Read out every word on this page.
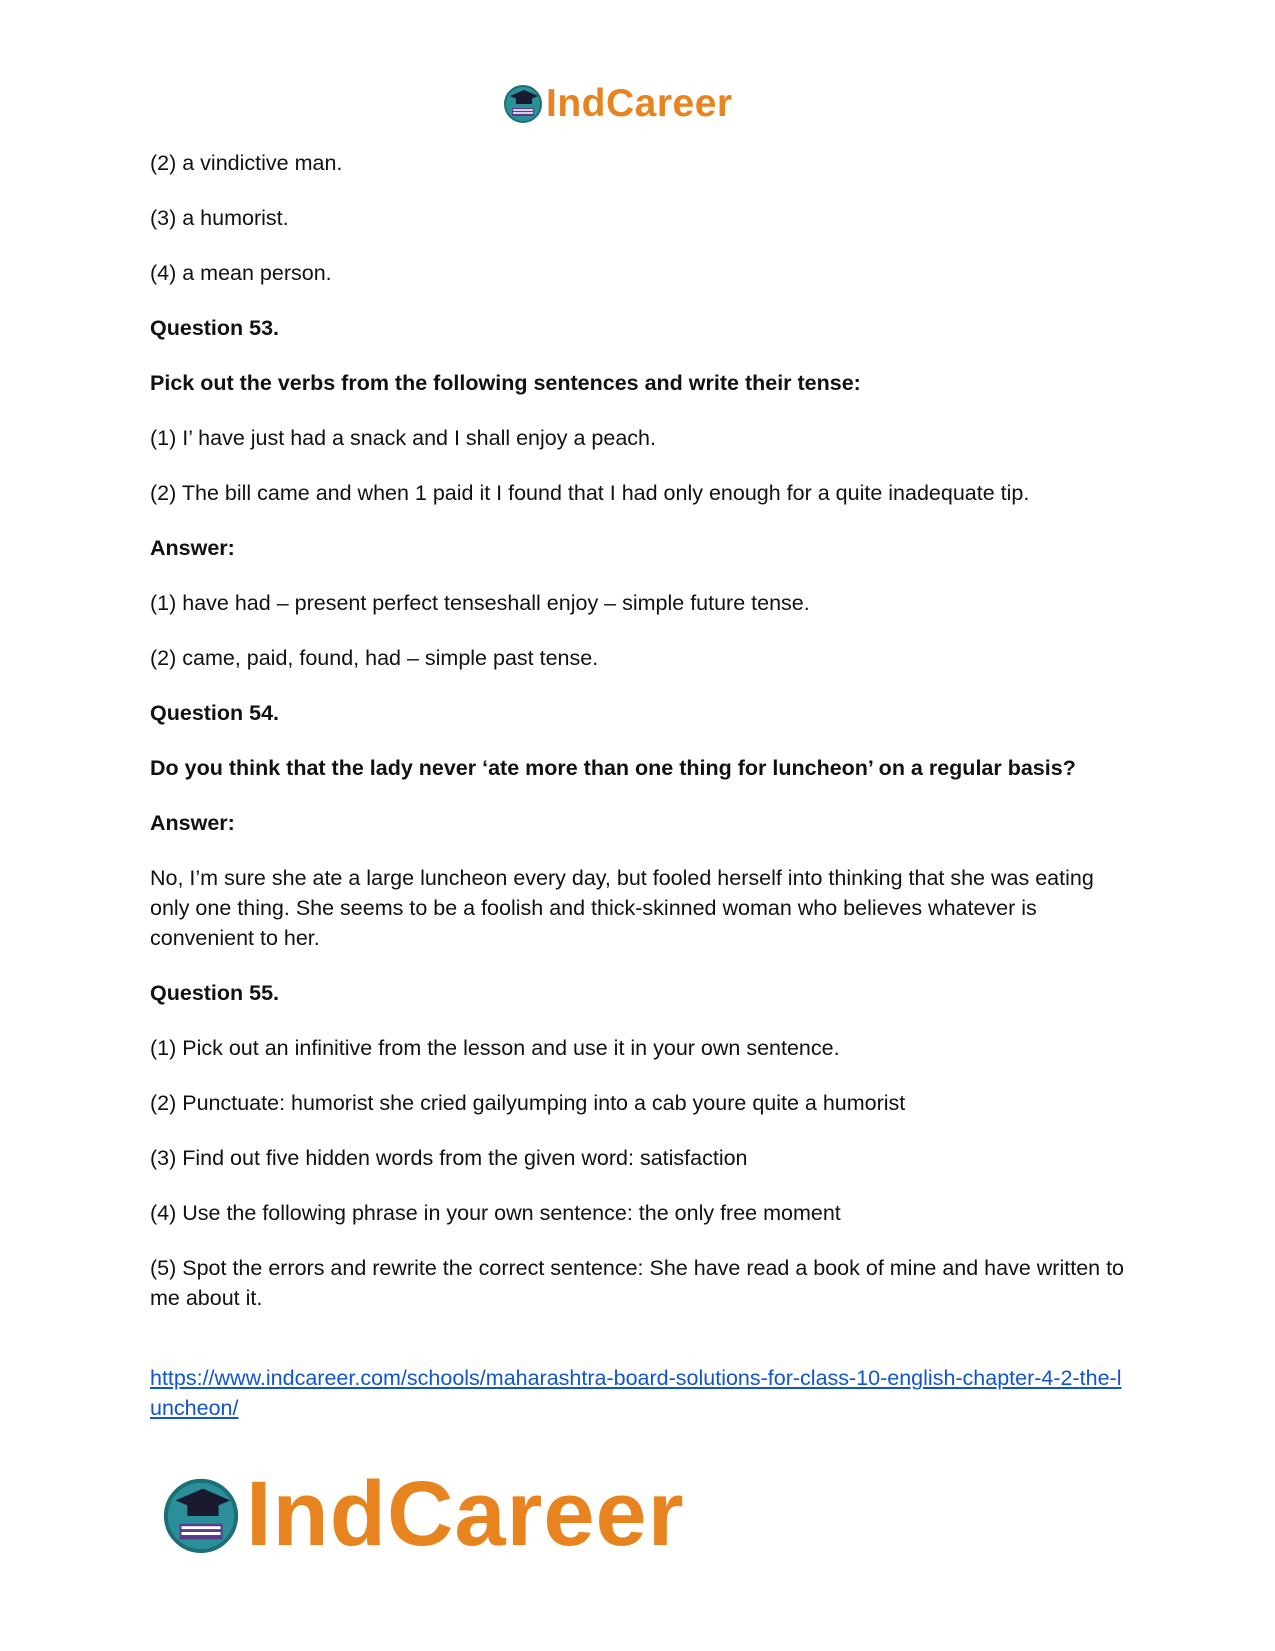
IndCareer
(2) a vindictive man.
(3) a humorist.
(4) a mean person.
Question 53.
Pick out the verbs from the following sentences and write their tense:
(1) I’ have just had a snack and I shall enjoy a peach.
(2) The bill came and when 1 paid it I found that I had only enough for a quite inadequate tip.
Answer:
(1) have had – present perfect tenseshall enjoy – simple future tense.
(2) came, paid, found, had – simple past tense.
Question 54.
Do you think that the lady never ‘ate more than one thing for luncheon’ on a regular basis?
Answer:
No, I’m sure she ate a large luncheon every day, but fooled herself into thinking that she was eating only one thing. She seems to be a foolish and thick-skinned woman who believes whatever is convenient to her.
Question 55.
(1) Pick out an infinitive from the lesson and use it in your own sentence.
(2) Punctuate: humorist she cried gailyumping into a cab youre quite a humorist
(3) Find out five hidden words from the given word: satisfaction
(4) Use the following phrase in your own sentence: the only free moment
(5) Spot the errors and rewrite the correct sentence: She have read a book of mine and have written to me about it.
https://www.indcareer.com/schools/maharashtra-board-solutions-for-class-10-english-chapter-4-2-the-luncheon/
IndCareer
